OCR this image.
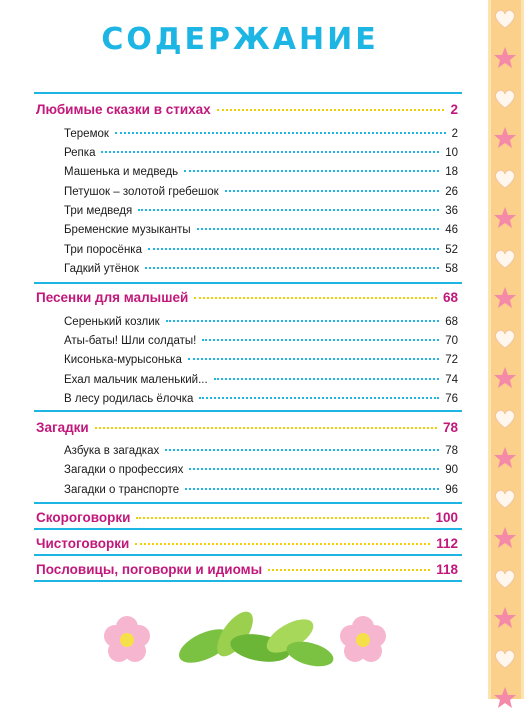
СОДЕРЖАНИЕ
Любимые сказки в стихах	2
Теремок	2
Репка	10
Машенька и медведь	18
Петушок – золотой гребешок	26
Три медведя	36
Бременские музыканты	46
Три поросёнка	52
Гадкий утёнок	58
Песенки для малышей	68
Серенький козлик	68
Аты-баты! Шли солдаты!	70
Кисонька-мурысонька	72
Ехал мальчик маленький...	74
В лесу родилась ёлочка	76
Загадки	78
Азбука в загадках	78
Загадки о профессиях	90
Загадки о транспорте	96
Скороговорки	100
Чистоговорки	112
Пословицы, поговорки и идиомы	118
